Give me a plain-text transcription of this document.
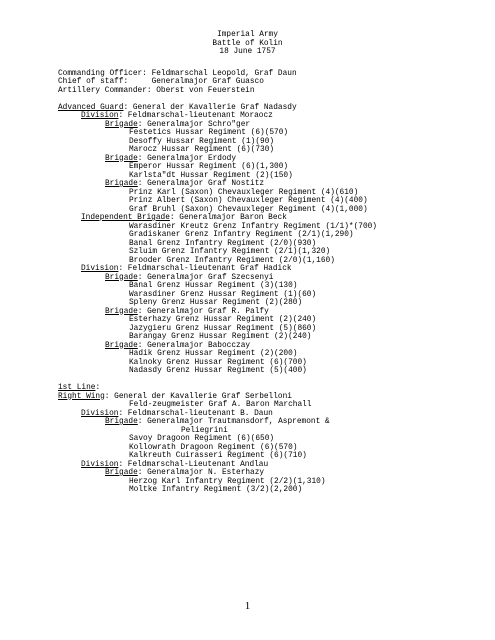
Imperial Army
Battle of Kolin
18 June 1757
Commanding Officer: Feldmarschal Leopold, Graf Daun
Chief of staff:     Generalmajor Graf Guasco
Artillery Commander: Oberst von Feuerstein
Advanced Guard: General der Kavallerie Graf Nadasdy
Division: Feldmarschal-lieutenant Moraocz
Brigade: Generalmajor Schro"ger
Festetics Hussar Regiment (6)(570)
Desoffy Hussar Regiment (1)(90)
Marocz Hussar Regiment (6)(730)
Brigade: Generalmajor Erdody
Emperor Hussar Regiment (6)(1,300)
Karlsta"dt Hussar Regiment (2)(150)
Brigade: Generalmajor Graf Nostitz
Prinz Karl (Saxon) Chevauxleger Regiment (4)(610)
Prinz Albert (Saxon) Chevauxleger Regiment (4)(400)
Graf Bruhl (Saxon) Chevauxleger Regiment (4)(1,000)
Independent Brigade: Generalmajor Baron Beck
Warasdiner Kreutz Grenz Infantry Regiment (1/1)*(700)
Gradiskaner Grenz Infantry Regiment (2/1)(1,290)
Banal Grenz Infantry Regiment (2/0)(930)
Szluim Grenz Infantry Regiment (2/1)(1,320)
Brooder Grenz Infantry Regiment (2/0)(1,160)
Division: Feldmarschal-lieutenant Graf Hadick
Brigade: Generalmajor Graf Szecsenyi
Banal Grenz Hussar Regiment (3)(130)
Warasdiner Grenz Hussar Regiment (1)(60)
Spleny Grenz Hussar Regiment (2)(280)
Brigade: Generalmajor Graf R. Palfy
Esterhazy Grenz Hussar Regiment (2)(240)
Jazygieru Grenz Hussar Regiment (5)(860)
Barangay Grenz Hussar Regiment (2)(240)
Brigade: Generalmajor Babocczay
Hadik Grenz Hussar Regiment (2)(200)
Kalnoky Grenz Hussar Regiment (6)(700)
Nadasdy Grenz Hussar Regiment (5)(400)
1st Line:
Right Wing: General der Kavallerie Graf Serbelloni
Feld-zeugmeister Graf A. Baron Marchall
Division: Feldmarschal-lieutenant B. Daun
Brigade: Generalmajor Trautmansdorf, Aspremont &
Peliegrini
Savoy Dragoon Regiment (6)(650)
Kollowrath Dragoon Regiment (6)(570)
Kalkreuth Cuirasseri Regiment (6)(710)
Division: Feldmarschal-Lieutenant Andlau
Brigade: Generalmajor N. Esterhazy
Herzog Karl Infantry Regiment (2/2)(1,310)
Moltke Infantry Regiment (3/2)(2,200)
1
